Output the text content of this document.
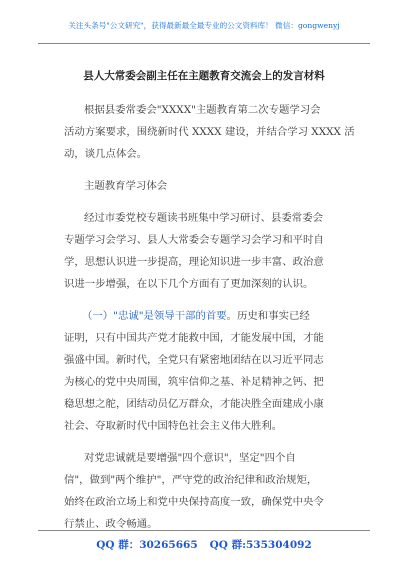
关注头条号"公文研究"，获得最新最全最专业的公文资料库！ 微信：gongwenyj
县人大常委会副主任在主题教育交流会上的发言材料
根据县委常委会"XXXX"主题教育第二次专题学习会
活动方案要求，围绕新时代 XXXX 建设，并结合学习 XXXX 活
动，谈几点体会。
主题教育学习体会
经过市委党校专题读书班集中学习研讨、县委常委会
专题学习会学习、县人大常委会专题学习会学习和平时自
学，思想认识进一步提高，理论知识进一步丰富、政治意
识进一步增强，在以下几个方面有了更加深刻的认识。
（一）"忠诚"是领导干部的首要。历史和事实已经
证明，只有中国共产党才能救中国，才能发展中国，才能
强盛中国。新时代，全党只有紧密地团结在以习近平同志
为核心的党中央周围，筑牢信仰之基、补足精神之钙、把
稳思想之舵，团结动员亿万群众，才能决胜全面建成小康
社会、夺取新时代中国特色社会主义伟大胜利。
对党忠诚就是要增强"四个意识"，坚定"四个自
信"，做到"两个维护"，严守党的政治纪律和政治规矩，
始终在政治立场上和党中央保持高度一致，确保党中央令
行禁止、政令畅通。
QQ 群：30265665 QQ 群:535304092
